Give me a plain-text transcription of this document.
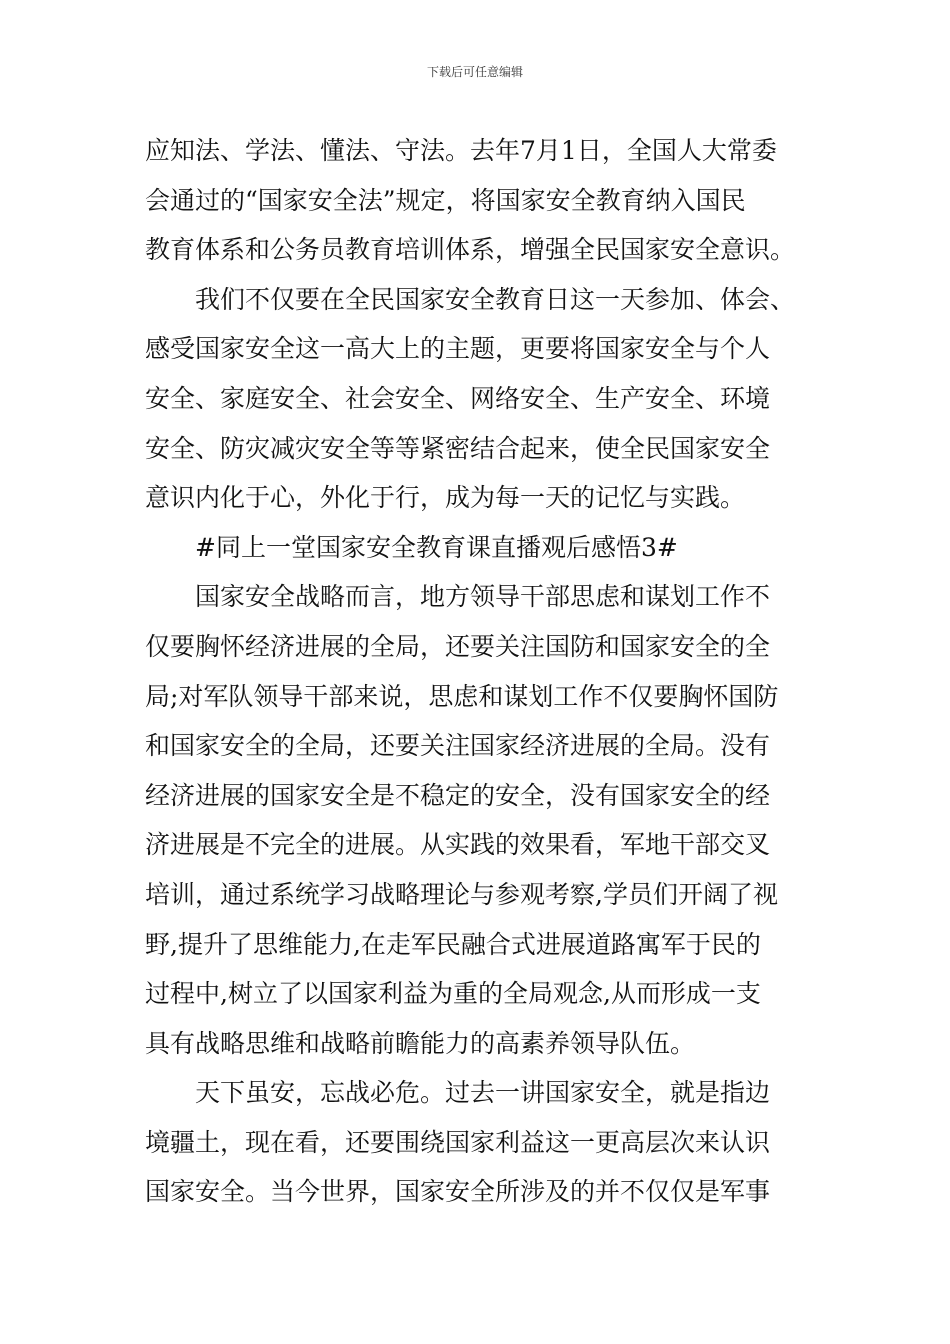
下载后可任意编辑
应知法、学法、懂法、守法。去年7月1日，全国人大常委
会通过的“国家安全法”规定，将国家安全教育纳入国民
教育体系和公务员教育培训体系，增强全民国家安全意识。
我们不仅要在全民国家安全教育日这一天参加、体会、
感受国家安全这一高大上的主题，更要将国家安全与个人
安全、家庭安全、社会安全、网络安全、生产安全、环境
安全、防灾减灾安全等等紧密结合起来，使全民国家安全
意识内化于心，外化于行，成为每一天的记忆与实践。
#同上一堂国家安全教育课直播观后感悟3#
国家安全战略而言，地方领导干部思虑和谋划工作不
仅要胸怀经济进展的全局，还要关注国防和国家安全的全
局;对军队领导干部来说，思虑和谋划工作不仅要胸怀国防
和国家安全的全局，还要关注国家经济进展的全局。没有
经济进展的国家安全是不稳定的安全，没有国家安全的经
济进展是不完全的进展。从实践的效果看，军地干部交叉
培训，通过系统学习战略理论与参观考察,学员们开阔了视
野,提升了思维能力,在走军民融合式进展道路寓军于民的
过程中,树立了以国家利益为重的全局观念,从而形成一支
具有战略思维和战略前瞻能力的高素养领导队伍。
天下虽安，忘战必危。过去一讲国家安全，就是指边
境疆土，现在看，还要围绕国家利益这一更高层次来认识
国家安全。当今世界，国家安全所涉及的并不仅仅是军事
